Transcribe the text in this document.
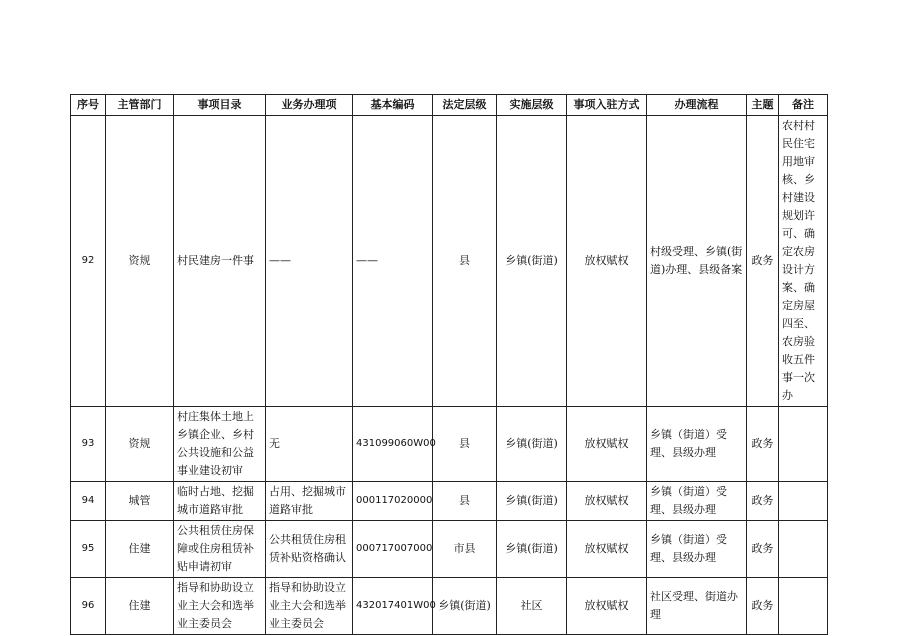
序号	主管部门	事项目录	业务办理项	基本编码	法定层级	实施层级	事项入驻方式	办理流程	主题	备注
92	资规	村民建房一件事	——	——	县	乡镇(街道)	放权赋权	村级受理、乡镇(街道)办理、县级备案	政务	农村村民住宅用地审核、乡村建设规划许可、确定农房设计方案、确定房屋四至、农房验收五件事一次办
93	资规	村庄集体土地上乡镇企业、乡村公共设施和公益事业建设初审	无	431099060W00	县	乡镇(街道)	放权赋权	乡镇（街道）受理、县级办理	政务	
94	城管	临时占地、挖掘城市道路审批	占用、挖掘城市道路审批	000117020000	县	乡镇(街道)	放权赋权	乡镇（街道）受理、县级办理	政务	
95	住建	公共租赁住房保障或住房租赁补贴申请初审	公共租赁住房租赁补贴资格确认	000717007000	市县	乡镇(街道)	放权赋权	乡镇（街道）受理、县级办理	政务	
96	住建	指导和协助设立业主大会和选举业主委员会	指导和协助设立业主大会和选举业主委员会	432017401W00	乡镇(街道)	社区	放权赋权	社区受理、街道办理	政务	
